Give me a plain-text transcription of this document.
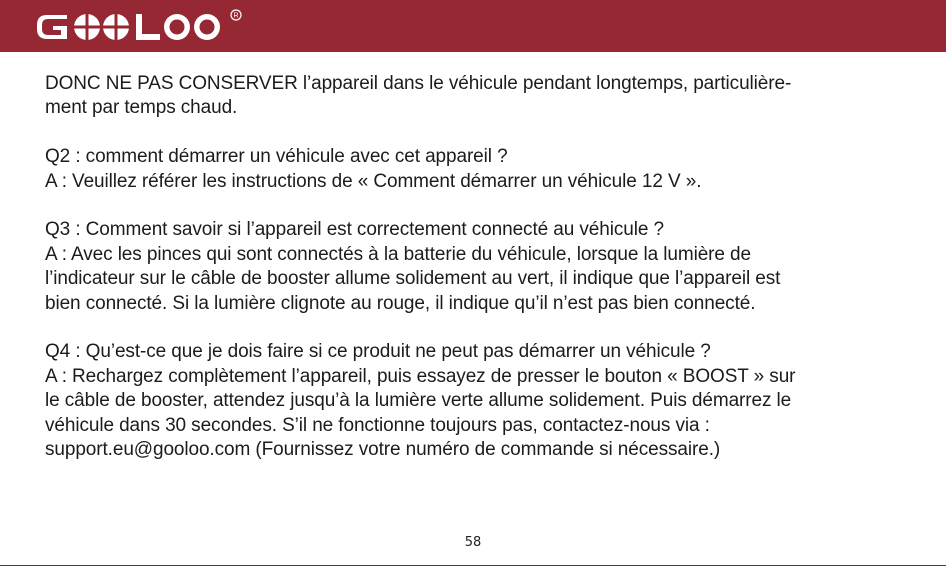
R

DONC NE PAS CONSERVER l’appareil dans le véhicule pendant longtemps, particulière-
ment par temps chaud.

Q2 : comment démarrer un véhicule avec cet appareil ?
A : Veuillez référer les instructions de « Comment démarrer un véhicule 12 V ».

Q3 : Comment savoir si l’appareil est correctement connecté au véhicule ?
A : Avec les pinces qui sont connectés à la batterie du véhicule, lorsque la lumière de
l’indicateur sur le câble de booster allume solidement au vert, il indique que l’appareil est
bien connecté. Si la lumière clignote au rouge, il indique qu’il n’est pas bien connecté.

Q4 : Qu’est-ce que je dois faire si ce produit ne peut pas démarrer un véhicule ?
A : Rechargez complètement l’appareil, puis essayez de presser le bouton « BOOST » sur
le câble de booster, attendez jusqu’à la lumière verte allume solidement. Puis démarrez le
véhicule dans 30 secondes. S’il ne fonctionne toujours pas, contactez-nous via :
support.eu@gooloo.com (Fournissez votre numéro de commande si nécessaire.)

58
